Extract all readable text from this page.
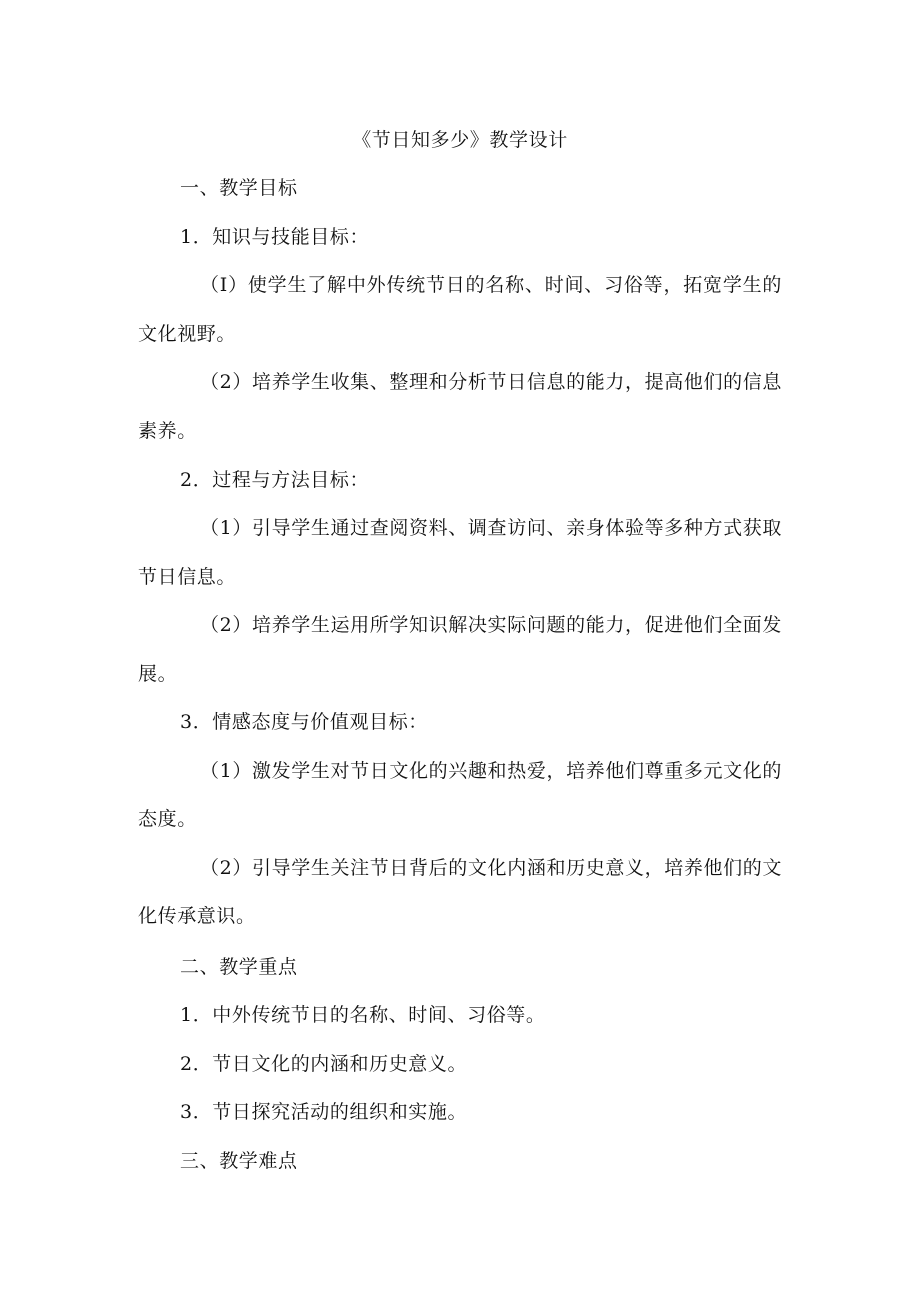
《节日知多少》教学设计
一、教学目标
1．知识与技能目标：
（I）使学生了解中外传统节日的名称、时间、习俗等，拓宽学生的
文化视野。
（2）培养学生收集、整理和分析节日信息的能力，提高他们的信息
素养。
2．过程与方法目标：
（1）引导学生通过查阅资料、调查访问、亲身体验等多种方式获取
节日信息。
（2）培养学生运用所学知识解决实际问题的能力，促进他们全面发
展。
3．情感态度与价值观目标：
（1）激发学生对节日文化的兴趣和热爱，培养他们尊重多元文化的
态度。
（2）引导学生关注节日背后的文化内涵和历史意义，培养他们的文
化传承意识。
二、教学重点
1．中外传统节日的名称、时间、习俗等。
2．节日文化的内涵和历史意义。
3．节日探究活动的组织和实施。
三、教学难点
